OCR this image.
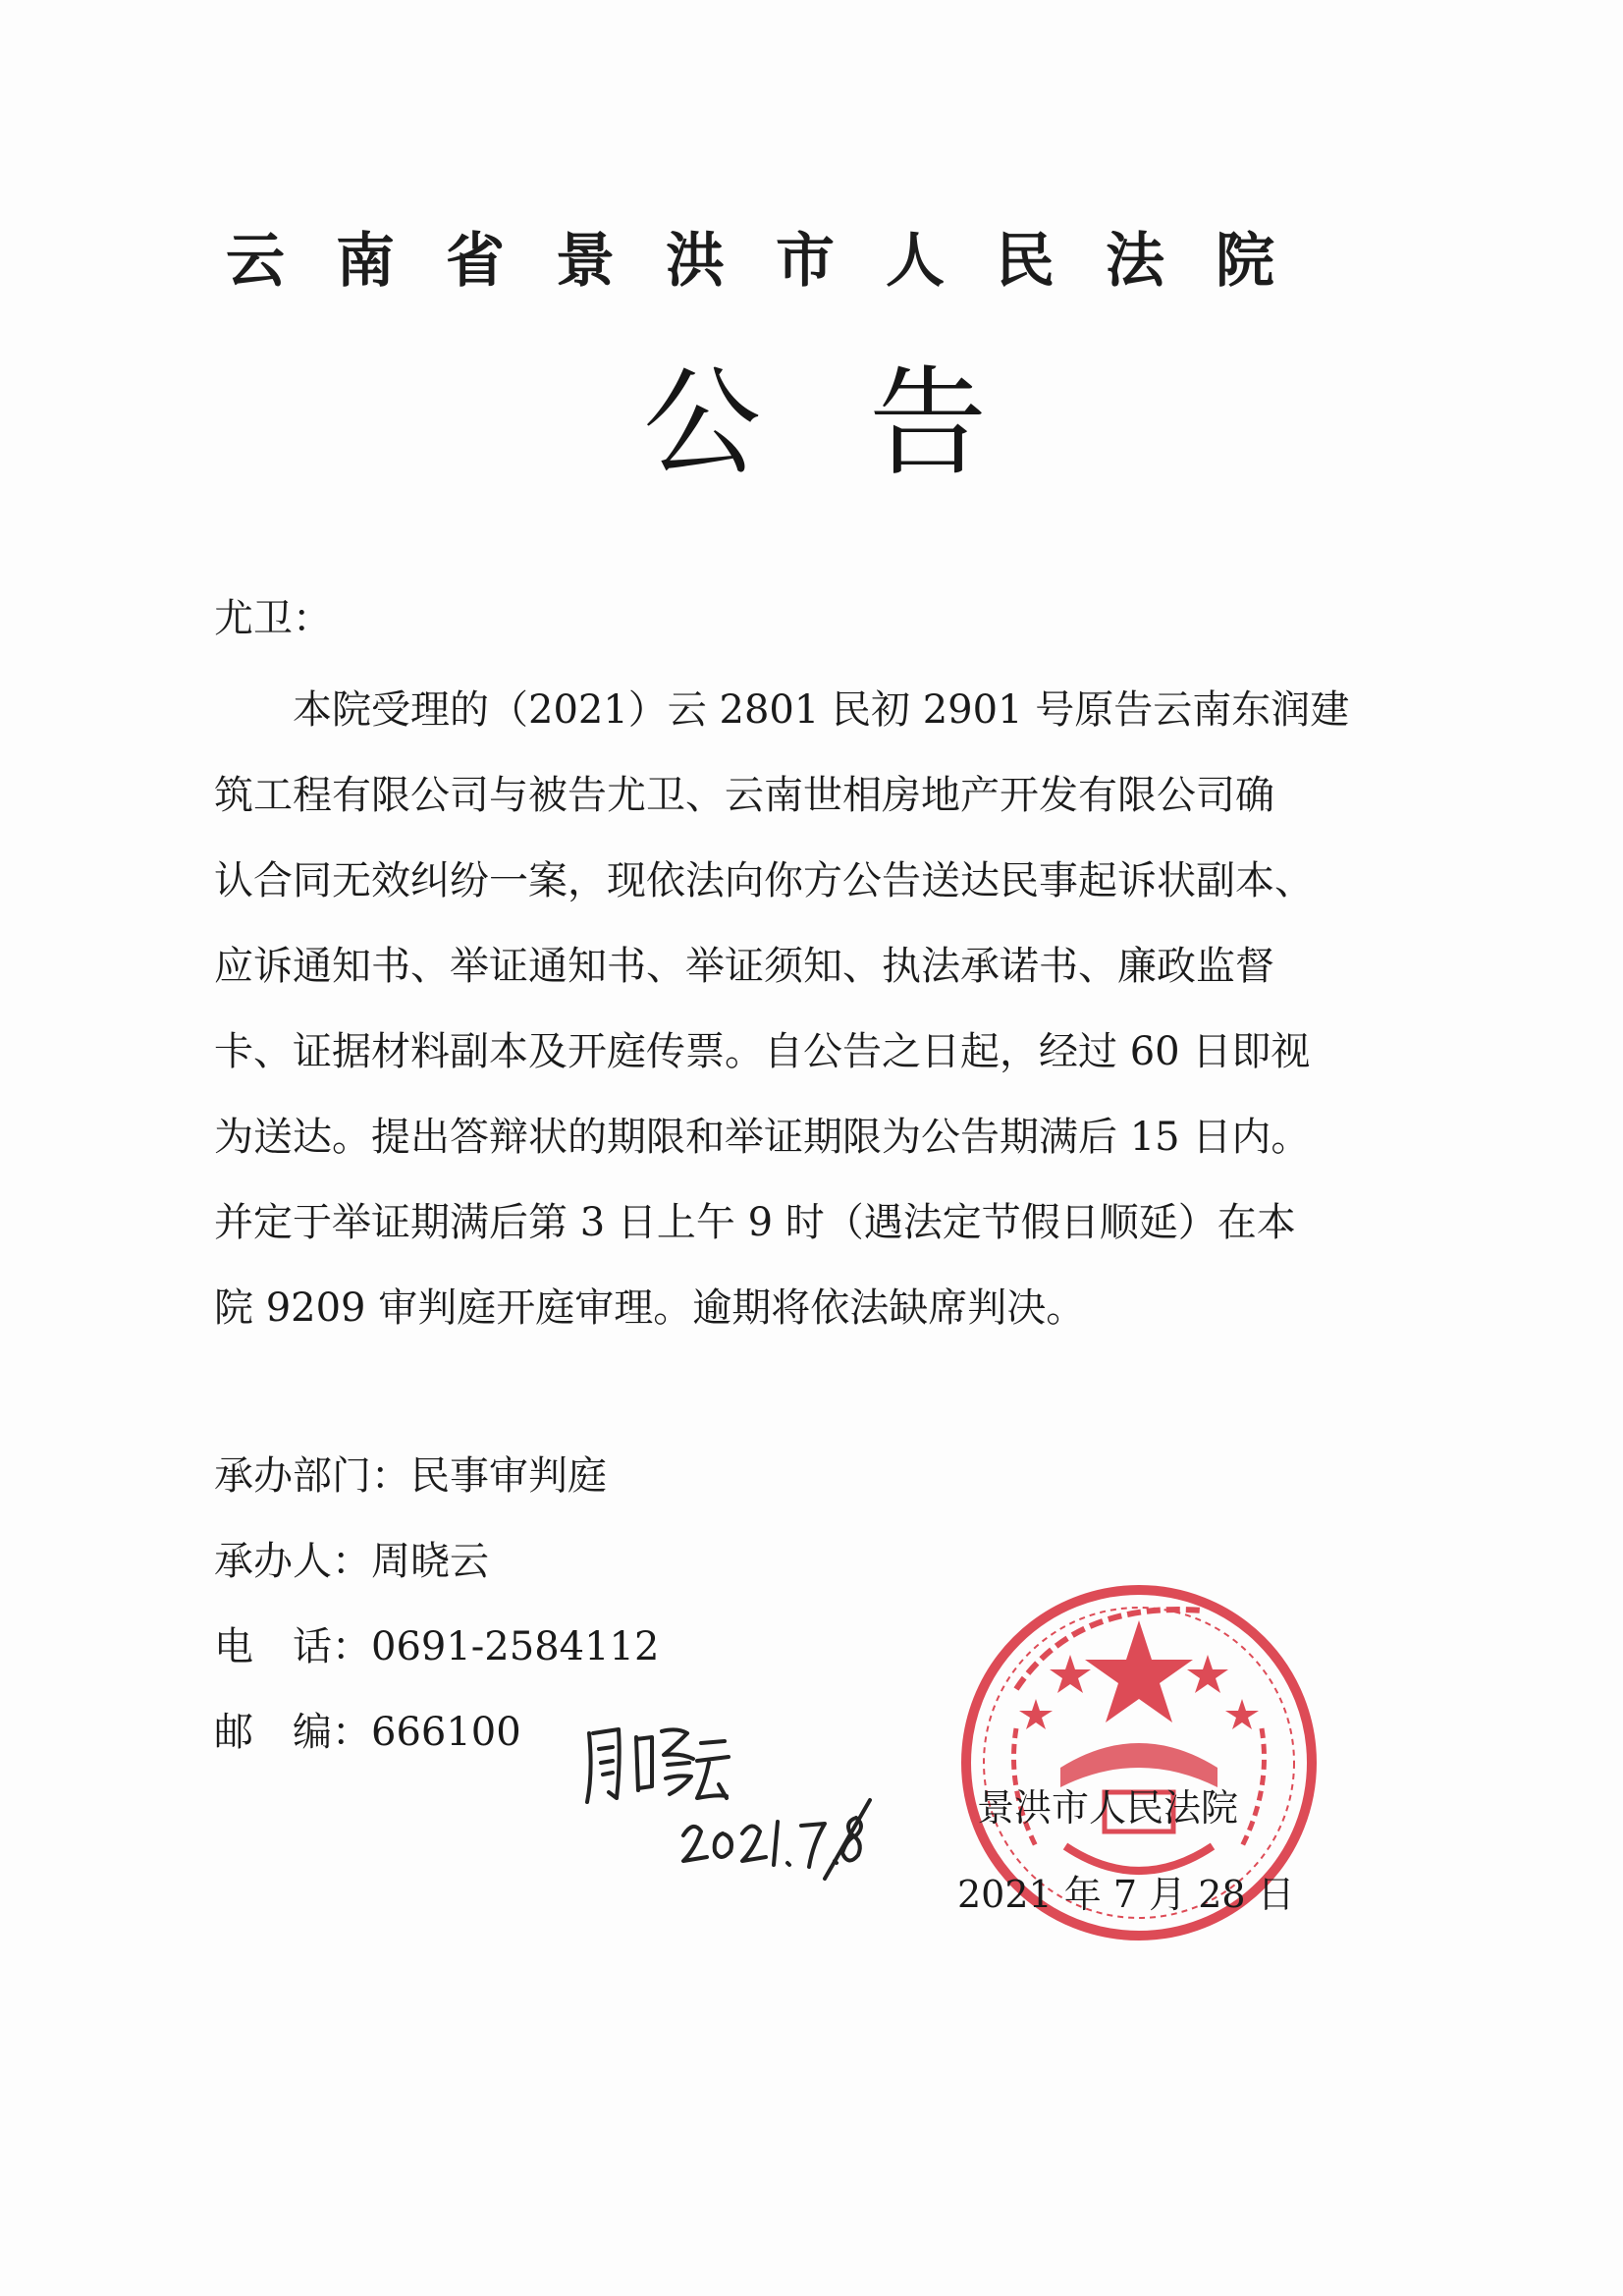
云南省景洪市人民法院
公告
尤卫：
　　本院受理的（2021）云 2801 民初 2901 号原告云南东润建
筑工程有限公司与被告尤卫、云南世相房地产开发有限公司确
认合同无效纠纷一案，现依法向你方公告送达民事起诉状副本、
应诉通知书、举证通知书、举证须知、执法承诺书、廉政监督
卡、证据材料副本及开庭传票。自公告之日起，经过 60 日即视
为送达。提出答辩状的期限和举证期限为公告期满后 15 日内。
并定于举证期满后第 3 日上午 9 时（遇法定节假日顺延）在本
院 9209 审判庭开庭审理。逾期将依法缺席判决。
承办部门：民事审判庭
承办人：周晓云
电　话：0691-2584112
邮　编：666100
景洪市人民法院
2021 年 7 月 28 日
